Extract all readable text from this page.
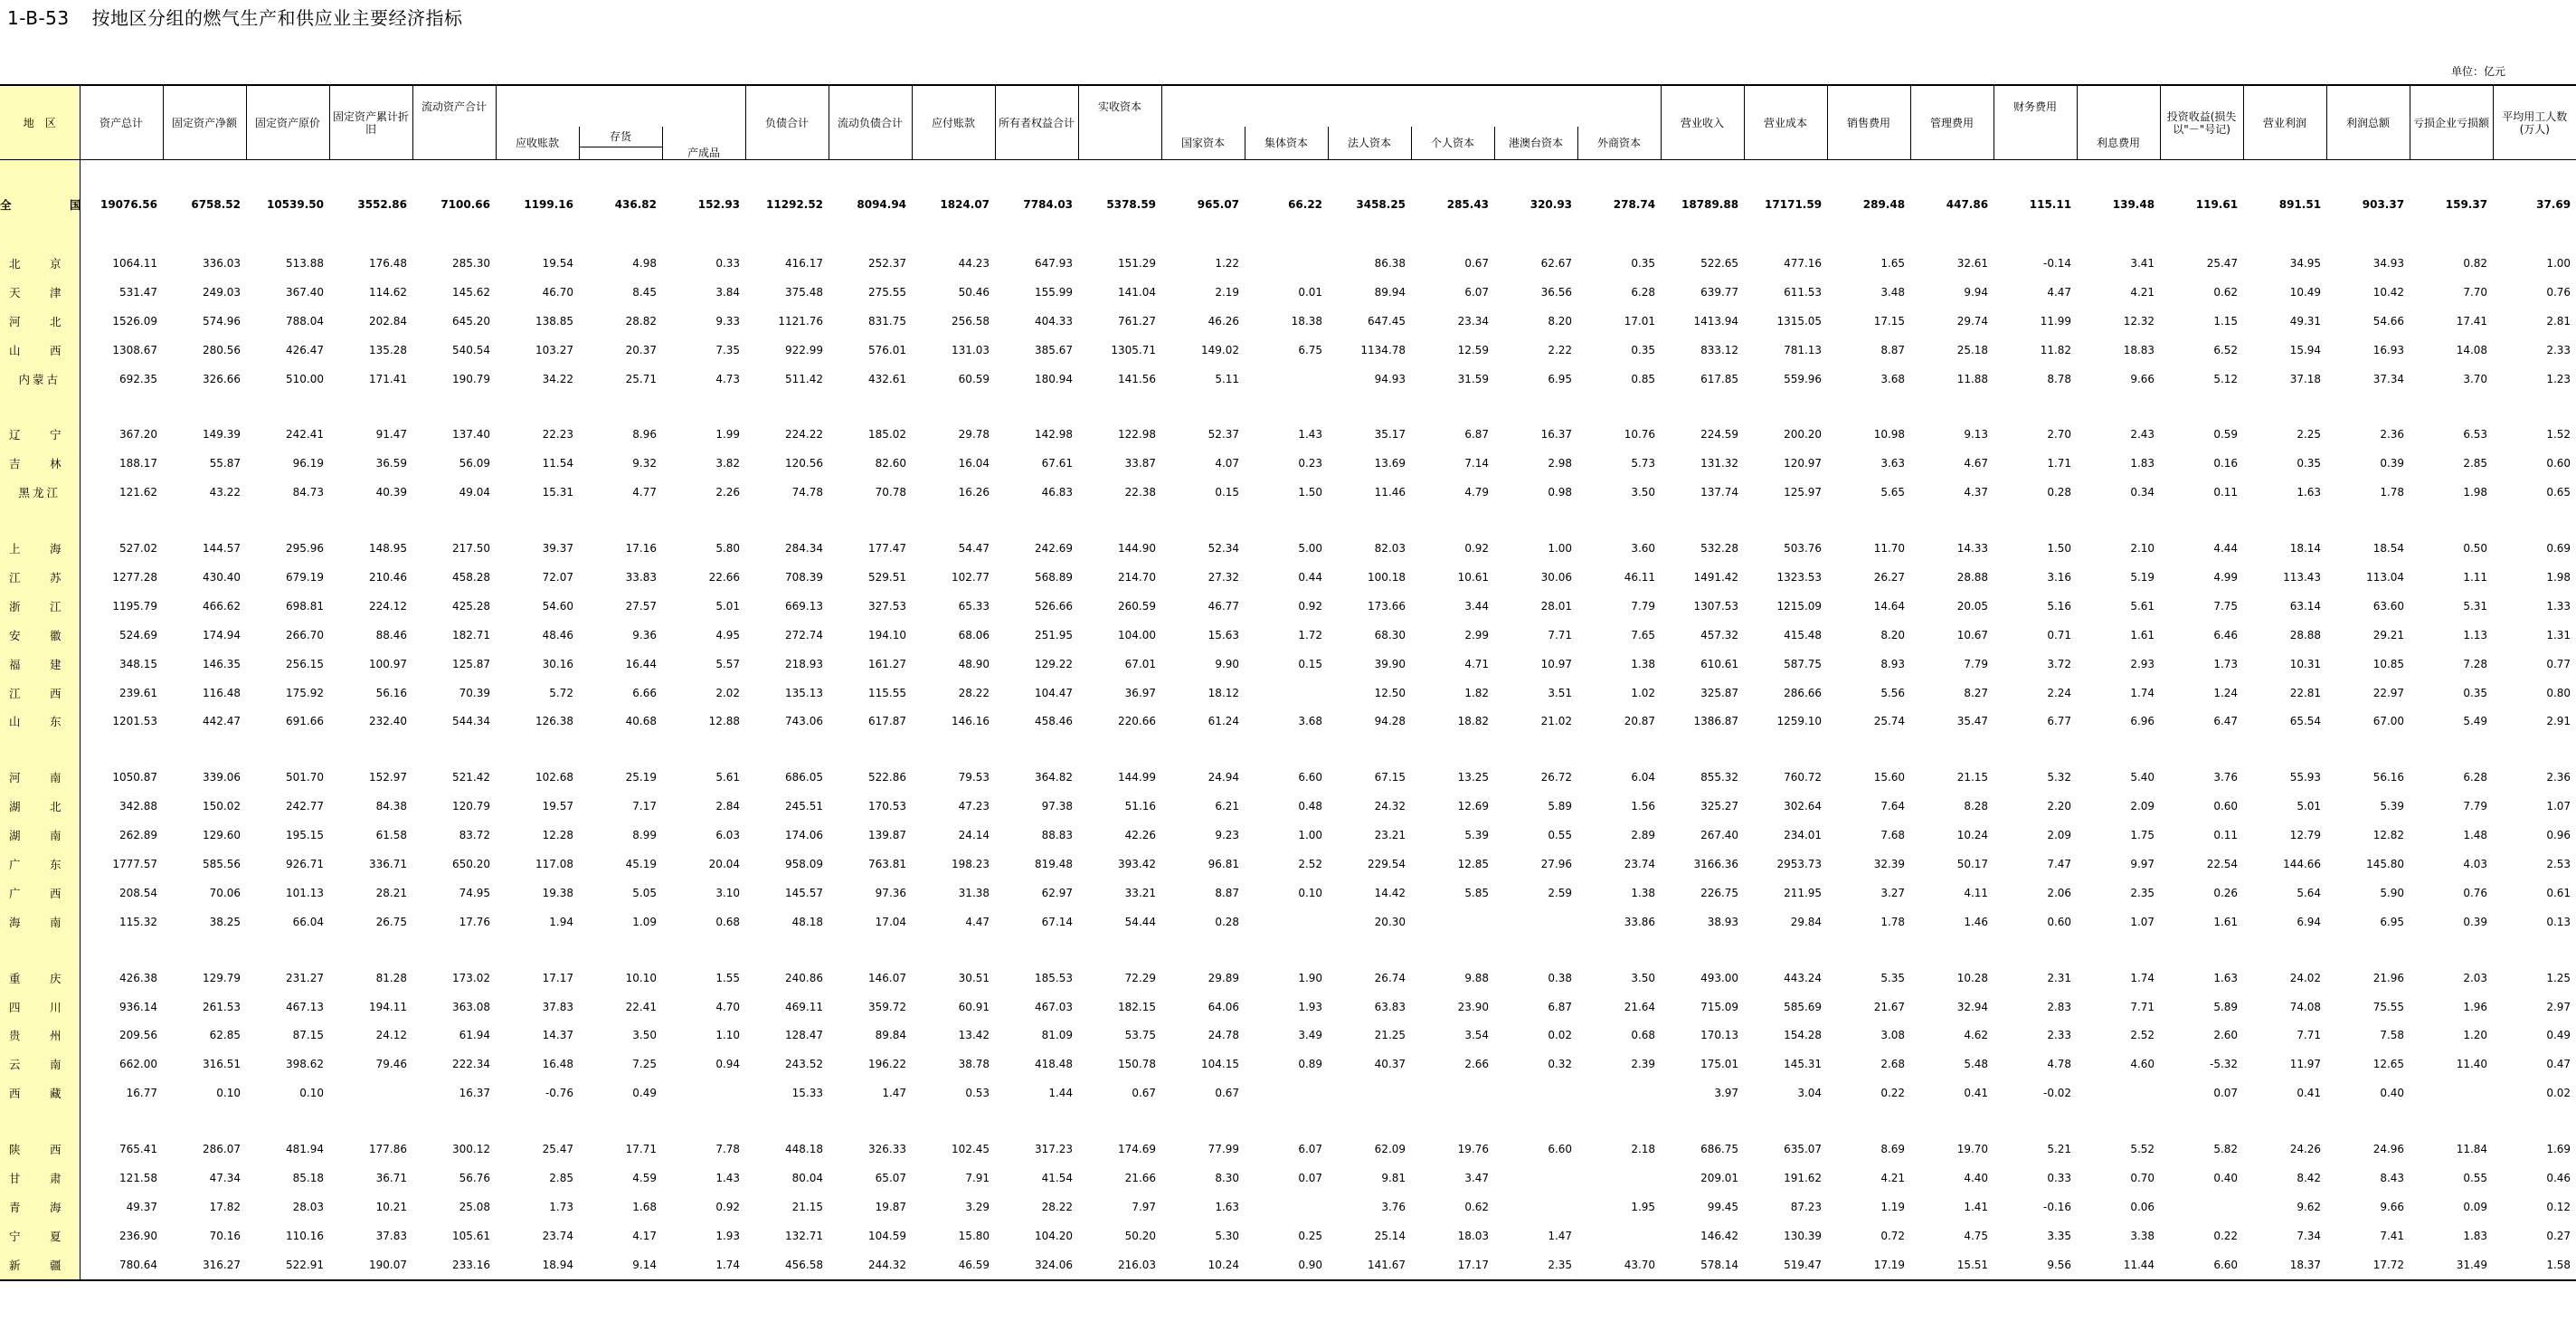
1-B-53 按地区分组的燃气生产和供应业主要经济指标
单位：亿元
地　区	资产总计	固定资产净额	固定资产原价	固定资产累计折旧	流动资产合计				负债合计	流动负债合计	应付账款	所有者权益合计	实收资本							营业收入	营业成本	销售费用	管理费用	财务费用		投资收益(损失以"－"号记)	营业利润	利润总额	亏损企业亏损额	平均用工人数(万人)
						应收账款	存货							国家资本	集体资本	法人资本	个人资本	港澳台资本	外商资本						利息费用					
								产成品																						
全　国	19076.56	6758.52	10539.50	3552.86	7100.66	1199.16	436.82	152.93	11292.52	8094.94	1824.07	7784.03	5378.59	965.07	66.22	3458.25	285.43	320.93	278.74	18789.88	17171.59	289.48	447.86	115.11	139.48	119.61	891.51	903.37	159.37	37.69
北　京	1064.11	336.03	513.88	176.48	285.30	19.54	4.98	0.33	416.17	252.37	44.23	647.93	151.29	1.22		86.38	0.67	62.67	0.35	522.65	477.16	1.65	32.61	-0.14	3.41	25.47	34.95	34.93	0.82	1.00
天　津	531.47	249.03	367.40	114.62	145.62	46.70	8.45	3.84	375.48	275.55	50.46	155.99	141.04	2.19	0.01	89.94	6.07	36.56	6.28	639.77	611.53	3.48	9.94	4.47	4.21	0.62	10.49	10.42	7.70	0.76
河　北	1526.09	574.96	788.04	202.84	645.20	138.85	28.82	9.33	1121.76	831.75	256.58	404.33	761.27	46.26	18.38	647.45	23.34	8.20	17.01	1413.94	1315.05	17.15	29.74	11.99	12.32	1.15	49.31	54.66	17.41	2.81
山　西	1308.67	280.56	426.47	135.28	540.54	103.27	20.37	7.35	922.99	576.01	131.03	385.67	1305.71	149.02	6.75	1134.78	12.59	2.22	0.35	833.12	781.13	8.87	25.18	11.82	18.83	6.52	15.94	16.93	14.08	2.33
内蒙古	692.35	326.66	510.00	171.41	190.79	34.22	25.71	4.73	511.42	432.61	60.59	180.94	141.56	5.11		94.93	31.59	6.95	0.85	617.85	559.96	3.68	11.88	8.78	9.66	5.12	37.18	37.34	3.70	1.23

辽　宁	367.20	149.39	242.41	91.47	137.40	22.23	8.96	1.99	224.22	185.02	29.78	142.98	122.98	52.37	1.43	35.17	6.87	16.37	10.76	224.59	200.20	10.98	9.13	2.70	2.43	0.59	2.25	2.36	6.53	1.52
吉　林	188.17	55.87	96.19	36.59	56.09	11.54	9.32	3.82	120.56	82.60	16.04	67.61	33.87	4.07	0.23	13.69	7.14	2.98	5.73	131.32	120.97	3.63	4.67	1.71	1.83	0.16	0.35	0.39	2.85	0.60
黑龙江	121.62	43.22	84.73	40.39	49.04	15.31	4.77	2.26	74.78	70.78	16.26	46.83	22.38	0.15	1.50	11.46	4.79	0.98	3.50	137.74	125.97	5.65	4.37	0.28	0.34	0.11	1.63	1.78	1.98	0.65

上　海	527.02	144.57	295.96	148.95	217.50	39.37	17.16	5.80	284.34	177.47	54.47	242.69	144.90	52.34	5.00	82.03	0.92	1.00	3.60	532.28	503.76	11.70	14.33	1.50	2.10	4.44	18.14	18.54	0.50	0.69
江　苏	1277.28	430.40	679.19	210.46	458.28	72.07	33.83	22.66	708.39	529.51	102.77	568.89	214.70	27.32	0.44	100.18	10.61	30.06	46.11	1491.42	1323.53	26.27	28.88	3.16	5.19	4.99	113.43	113.04	1.11	1.98
浙　江	1195.79	466.62	698.81	224.12	425.28	54.60	27.57	5.01	669.13	327.53	65.33	526.66	260.59	46.77	0.92	173.66	3.44	28.01	7.79	1307.53	1215.09	14.64	20.05	5.16	5.61	7.75	63.14	63.60	5.31	1.33
安　徽	524.69	174.94	266.70	88.46	182.71	48.46	9.36	4.95	272.74	194.10	68.06	251.95	104.00	15.63	1.72	68.30	2.99	7.71	7.65	457.32	415.48	8.20	10.67	0.71	1.61	6.46	28.88	29.21	1.13	1.31
福　建	348.15	146.35	256.15	100.97	125.87	30.16	16.44	5.57	218.93	161.27	48.90	129.22	67.01	9.90	0.15	39.90	4.71	10.97	1.38	610.61	587.75	8.93	7.79	3.72	2.93	1.73	10.31	10.85	7.28	0.77
江　西	239.61	116.48	175.92	56.16	70.39	5.72	6.66	2.02	135.13	115.55	28.22	104.47	36.97	18.12		12.50	1.82	3.51	1.02	325.87	286.66	5.56	8.27	2.24	1.74	1.24	22.81	22.97	0.35	0.80
山　东	1201.53	442.47	691.66	232.40	544.34	126.38	40.68	12.88	743.06	617.87	146.16	458.46	220.66	61.24	3.68	94.28	18.82	21.02	20.87	1386.87	1259.10	25.74	35.47	6.77	6.96	6.47	65.54	67.00	5.49	2.91

河　南	1050.87	339.06	501.70	152.97	521.42	102.68	25.19	5.61	686.05	522.86	79.53	364.82	144.99	24.94	6.60	67.15	13.25	26.72	6.04	855.32	760.72	15.60	21.15	5.32	5.40	3.76	55.93	56.16	6.28	2.36
湖　北	342.88	150.02	242.77	84.38	120.79	19.57	7.17	2.84	245.51	170.53	47.23	97.38	51.16	6.21	0.48	24.32	12.69	5.89	1.56	325.27	302.64	7.64	8.28	2.20	2.09	0.60	5.01	5.39	7.79	1.07
湖　南	262.89	129.60	195.15	61.58	83.72	12.28	8.99	6.03	174.06	139.87	24.14	88.83	42.26	9.23	1.00	23.21	5.39	0.55	2.89	267.40	234.01	7.68	10.24	2.09	1.75	0.11	12.79	12.82	1.48	0.96
广　东	1777.57	585.56	926.71	336.71	650.20	117.08	45.19	20.04	958.09	763.81	198.23	819.48	393.42	96.81	2.52	229.54	12.85	27.96	23.74	3166.36	2953.73	32.39	50.17	7.47	9.97	22.54	144.66	145.80	4.03	2.53
广　西	208.54	70.06	101.13	28.21	74.95	19.38	5.05	3.10	145.57	97.36	31.38	62.97	33.21	8.87	0.10	14.42	5.85	2.59	1.38	226.75	211.95	3.27	4.11	2.06	2.35	0.26	5.64	5.90	0.76	0.61
海　南	115.32	38.25	66.04	26.75	17.76	1.94	1.09	0.68	48.18	17.04	4.47	67.14	54.44	0.28		20.30			33.86	38.93	29.84	1.78	1.46	0.60	1.07	1.61	6.94	6.95	0.39	0.13

重　庆	426.38	129.79	231.27	81.28	173.02	17.17	10.10	1.55	240.86	146.07	30.51	185.53	72.29	29.89	1.90	26.74	9.88	0.38	3.50	493.00	443.24	5.35	10.28	2.31	1.74	1.63	24.02	21.96	2.03	1.25
四　川	936.14	261.53	467.13	194.11	363.08	37.83	22.41	4.70	469.11	359.72	60.91	467.03	182.15	64.06	1.93	63.83	23.90	6.87	21.64	715.09	585.69	21.67	32.94	2.83	7.71	5.89	74.08	75.55	1.96	2.97
贵　州	209.56	62.85	87.15	24.12	61.94	14.37	3.50	1.10	128.47	89.84	13.42	81.09	53.75	24.78	3.49	21.25	3.54	0.02	0.68	170.13	154.28	3.08	4.62	2.33	2.52	2.60	7.71	7.58	1.20	0.49
云　南	662.00	316.51	398.62	79.46	222.34	16.48	7.25	0.94	243.52	196.22	38.78	418.48	150.78	104.15	0.89	40.37	2.66	0.32	2.39	175.01	145.31	2.68	5.48	4.78	4.60	-5.32	11.97	12.65	11.40	0.47
西　藏	16.77	0.10	0.10		16.37	-0.76	0.49		15.33	1.47	0.53	1.44	0.67	0.67						3.97	3.04	0.22	0.41	-0.02		0.07	0.41	0.40		0.02

陕　西	765.41	286.07	481.94	177.86	300.12	25.47	17.71	7.78	448.18	326.33	102.45	317.23	174.69	77.99	6.07	62.09	19.76	6.60	2.18	686.75	635.07	8.69	19.70	5.21	5.52	5.82	24.26	24.96	11.84	1.69
甘　肃	121.58	47.34	85.18	36.71	56.76	2.85	4.59	1.43	80.04	65.07	7.91	41.54	21.66	8.30	0.07	9.81	3.47			209.01	191.62	4.21	4.40	0.33	0.70	0.40	8.42	8.43	0.55	0.46
青　海	49.37	17.82	28.03	10.21	25.08	1.73	1.68	0.92	21.15	19.87	3.29	28.22	7.97	1.63		3.76	0.62		1.95	99.45	87.23	1.19	1.41	-0.16	0.06		9.62	9.66	0.09	0.12
宁　夏	236.90	70.16	110.16	37.83	105.61	23.74	4.17	1.93	132.71	104.59	15.80	104.20	50.20	5.30	0.25	25.14	18.03	1.47		146.42	130.39	0.72	4.75	3.35	3.38	0.22	7.34	7.41	1.83	0.27
新　疆	780.64	316.27	522.91	190.07	233.16	18.94	9.14	1.74	456.58	244.32	46.59	324.06	216.03	10.24	0.90	141.67	17.17	2.35	43.70	578.14	519.47	17.19	15.51	9.56	11.44	6.60	18.37	17.72	31.49	1.58
